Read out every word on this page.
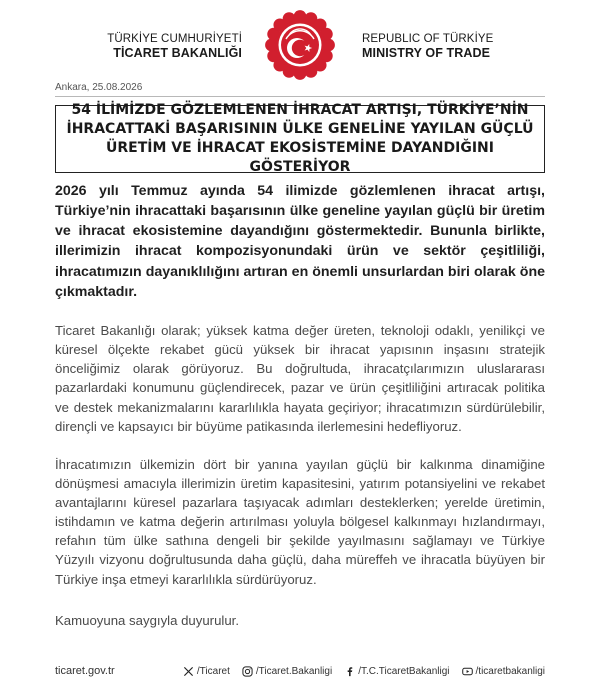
TÜRKİYE CUMHURİYETİ
TİCARET BAKANLIĞI
REPUBLIC OF TÜRKİYE
MINISTRY OF TRADE
Ankara, 25.08.2026
54 İLİMİZDE GÖZLEMLENEN İHRACAT ARTIŞI, TÜRKİYE’NİN İHRACATTAKİ BAŞARISININ ÜLKE GENELİNE YAYILAN GÜÇLÜ ÜRETİM VE İHRACAT EKOSİSTEMİNE DAYANDIĞINI GÖSTERİYOR

2026 yılı Temmuz ayında 54 ilimizde gözlemlenen ihracat artışı, Türkiye’nin ihracattaki başarısının ülke geneline yayılan güçlü bir üretim ve ihracat ekosistemine dayandığını göstermektedir. Bununla birlikte, illerimizin ihracat kompozisyonundaki ürün ve sektör çeşitliliği, ihracatımızın dayanıklılığını artıran en önemli unsurlardan biri olarak öne çıkmaktadır.

Ticaret Bakanlığı olarak; yüksek katma değer üreten, teknoloji odaklı, yenilikçi ve küresel ölçekte rekabet gücü yüksek bir ihracat yapısının inşasını stratejik önceliğimiz olarak görüyoruz. Bu doğrultuda, ihracatçılarımızın uluslararası pazarlardaki konumunu güçlendirecek, pazar ve ürün çeşitliliğini artıracak politika ve destek mekanizmalarını kararlılıkla hayata geçiriyor; ihracatımızın sürdürülebilir, dirençli ve kapsayıcı bir büyüme patikasında ilerlemesini hedefliyoruz.

İhracatımızın ülkemizin dört bir yanına yayılan güçlü bir kalkınma dinamiğine dönüşmesi amacıyla illerimizin üretim kapasitesini, yatırım potansiyelini ve rekabet avantajlarını küresel pazarlara taşıyacak adımları desteklerken; yerelde üretimin, istihdamın ve katma değerin artırılması yoluyla bölgesel kalkınmayı hızlandırmayı, refahın tüm ülke sathına dengeli bir şekilde yayılmasını sağlamayı ve Türkiye Yüzyılı vizyonu doğrultusunda daha güçlü, daha müreffeh ve ihracatla büyüyen bir Türkiye inşa etmeyi kararlılıkla sürdürüyoruz.

Kamuoyuna saygıyla duyurulur.

ticaret.gov.tr	/Ticaret	/Ticaret.Bakanligi	/T.C.TicaretBakanligi	/ticaretbakanligi
